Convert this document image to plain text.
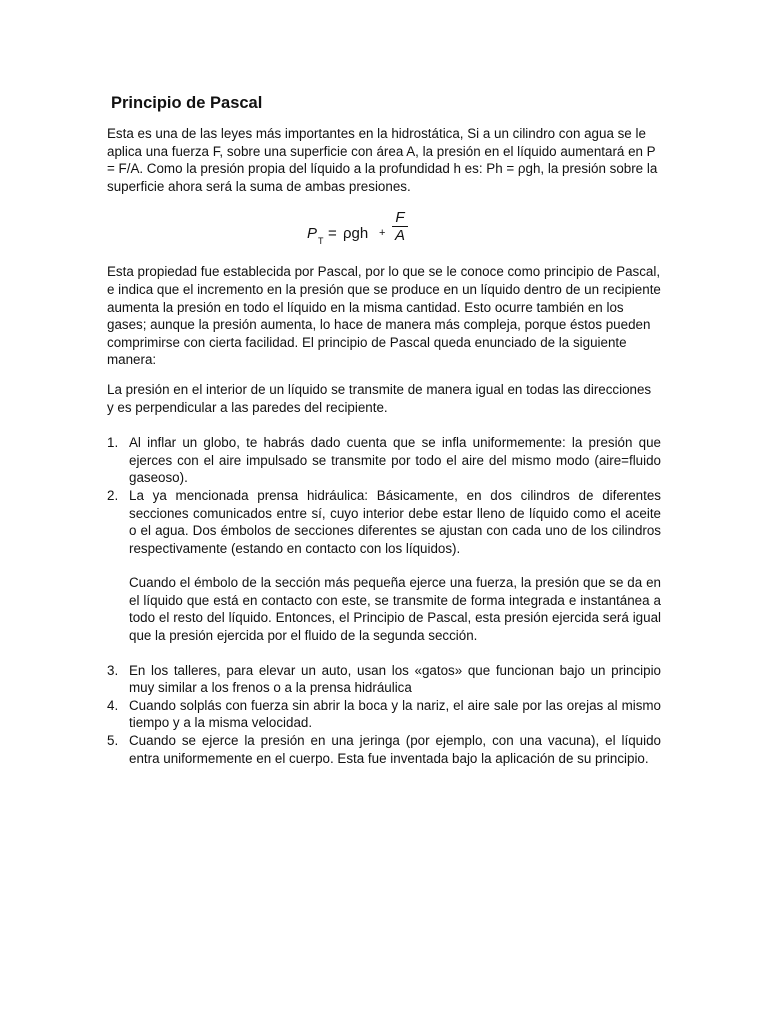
Principio de Pascal

Esta es una de las leyes más importantes en la hidrostática, Si a un cilindro con agua se le aplica una fuerza F, sobre una superficie con área A, la presión en el líquido aumentará en P = F/A. Como la presión propia del líquido a la profundidad h es: Ph = ρgh, la presión sobre la superficie ahora será la suma de ambas presiones.

P T = ρgh +
F
A

Esta propiedad fue establecida por Pascal, por lo que se le conoce como principio de Pascal, e indica que el incremento en la presión que se produce en un líquido dentro de un recipiente aumenta la presión en todo el líquido en la misma cantidad. Esto ocurre también en los gases; aunque la presión aumenta, lo hace de manera más compleja, porque éstos pueden comprimirse con cierta facilidad. El principio de Pascal queda enunciado de la siguiente manera:

La presión en el interior de un líquido se transmite de manera igual en todas las direcciones y es perpendicular a las paredes del recipiente.

1. Al inflar un globo, te habrás dado cuenta que se infla uniformemente: la presión que ejerces con el aire impulsado se transmite por todo el aire del mismo modo (aire=fluido gaseoso).
2. La ya mencionada prensa hidráulica: Básicamente, en dos cilindros de diferentes secciones comunicados entre sí, cuyo interior debe estar lleno de líquido como el aceite o el agua. Dos émbolos de secciones diferentes se ajustan con cada uno de los cilindros respectivamente (estando en contacto con los líquidos).
Cuando el émbolo de la sección más pequeña ejerce una fuerza, la presión que se da en el líquido que está en contacto con este, se transmite de forma integrada e instantánea a todo el resto del líquido. Entonces, el Principio de Pascal, esta presión ejercida será igual que la presión ejercida por el fluido de la segunda sección.
3. En los talleres, para elevar un auto, usan los «gatos» que funcionan bajo un principio muy similar a los frenos o a la prensa hidráulica
4. Cuando solplás con fuerza sin abrir la boca y la nariz, el aire sale por las orejas al mismo tiempo y a la misma velocidad.
5. Cuando se ejerce la presión en una jeringa (por ejemplo, con una vacuna), el líquido entra uniformemente en el cuerpo. Esta fue inventada bajo la aplicación de su principio.
